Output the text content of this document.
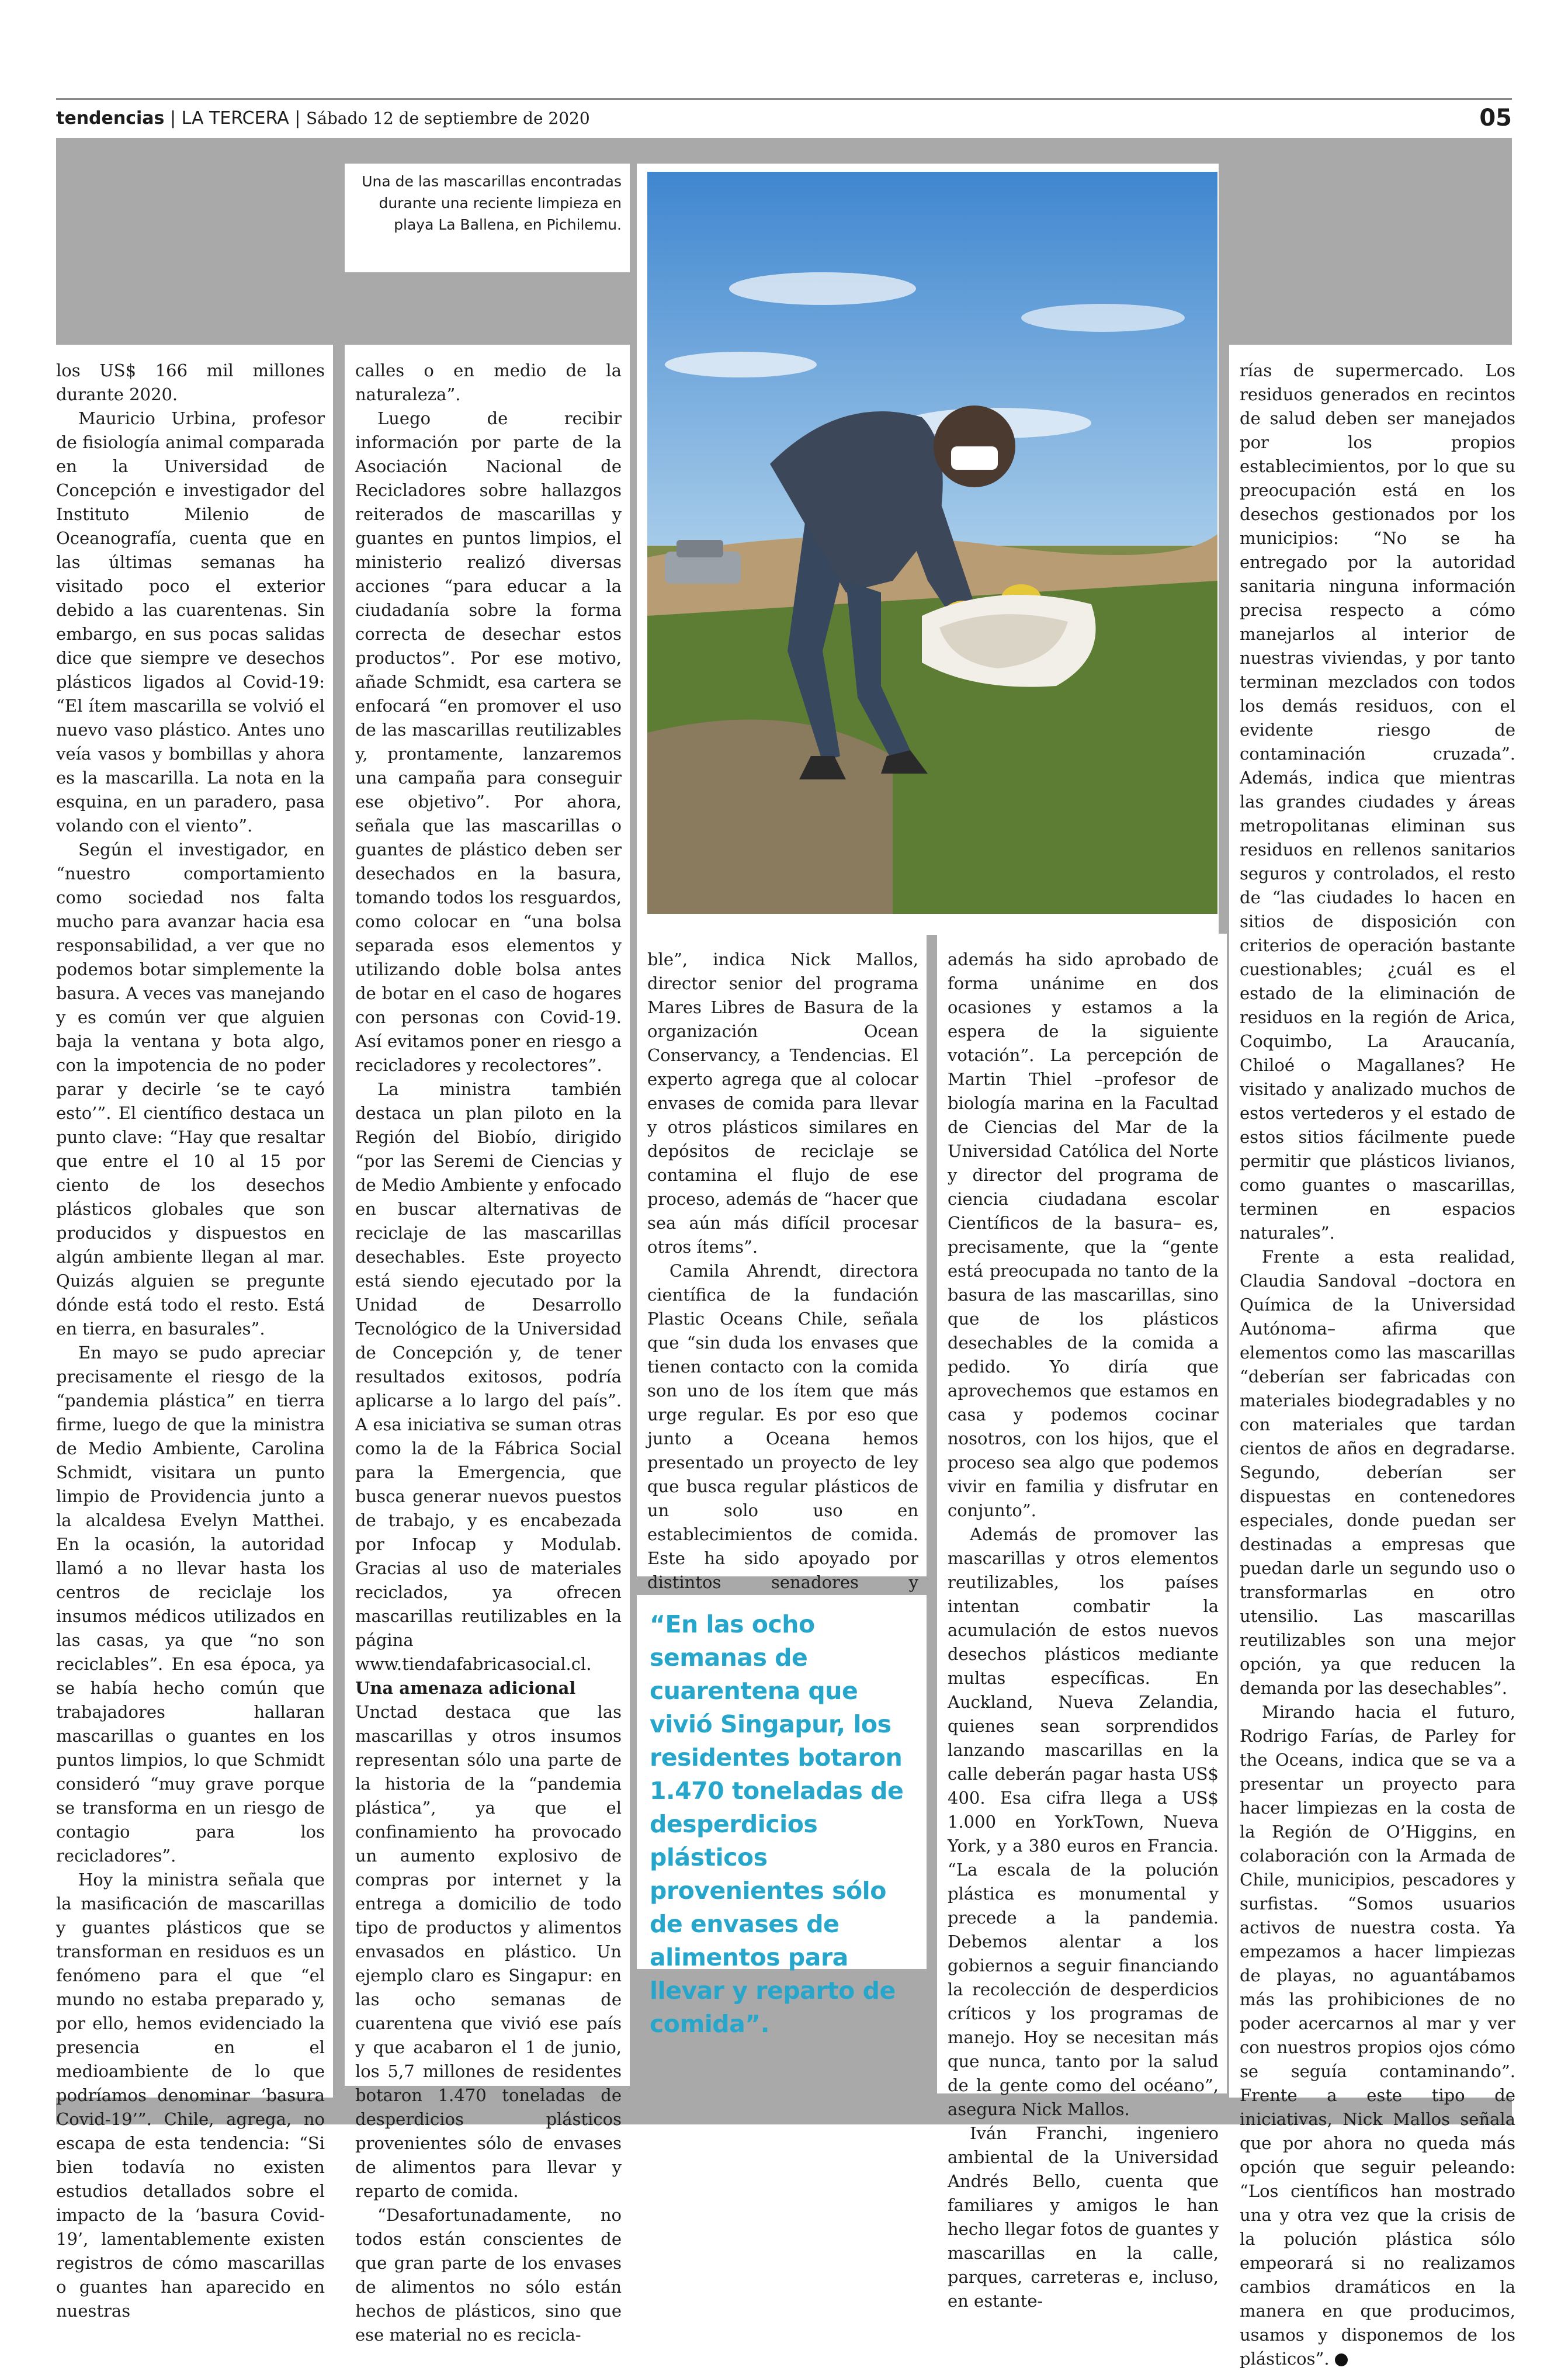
tendencias | LA TERCERA | Sábado 12 de septiembre de 2020	05
Una de las mascarillas encontradas durante una reciente limpieza en playa La Ballena, en Pichilemu.
FOTO: SANTIAGO BALMACEDA/@PARLEY.TV

los US$ 166 mil millones durante 2020.

Mauricio Urbina, profesor de fisiología animal comparada en la Universidad de Concepción e investigador del Instituto Milenio de Oceanografía, cuenta que en las últimas semanas ha visitado poco el exterior debido a las cuarentenas. Sin embargo, en sus pocas salidas dice que siempre ve desechos plásticos ligados al Covid-19: “El ítem mascarilla se volvió el nuevo vaso plástico. Antes uno veía vasos y bombillas y ahora es la mascarilla. La nota en la esquina, en un paradero, pasa volando con el viento”.

Según el investigador, en “nuestro comportamiento como sociedad nos falta mucho para avanzar hacia esa responsabilidad, a ver que no podemos botar simplemente la basura. A veces vas manejando y es común ver que alguien baja la ventana y bota algo, con la impotencia de no poder parar y decirle ‘se te cayó esto’”. El científico destaca un punto clave: “Hay que resaltar que entre el 10 al 15 por ciento de los desechos plásticos globales que son producidos y dispuestos en algún ambiente llegan al mar. Quizás alguien se pregunte dónde está todo el resto. Está en tierra, en basurales”.

En mayo se pudo apreciar precisamente el riesgo de la “pandemia plástica” en tierra firme, luego de que la ministra de Medio Ambiente, Carolina Schmidt, visitara un punto limpio de Providencia junto a la alcaldesa Evelyn Matthei. En la ocasión, la autoridad llamó a no llevar hasta los centros de reciclaje los insumos médicos utilizados en las casas, ya que “no son reciclables”. En esa época, ya se había hecho común que trabajadores hallaran mascarillas o guantes en los puntos limpios, lo que Schmidt consideró “muy grave porque se transforma en un riesgo de contagio para los recicladores”.

Hoy la ministra señala que la masificación de mascarillas y guantes plásticos que se transforman en residuos es un fenómeno para el que “el mundo no estaba preparado y, por ello, hemos evidenciado la presencia en el medioambiente de lo que podríamos denominar ‘basura Covid-19’”. Chile, agrega, no escapa de esta tendencia: “Si bien todavía no existen estudios detallados sobre el impacto de la ‘basura Covid-19’, lamentablemente existen registros de cómo mascarillas o guantes han aparecido en nuestras

calles o en medio de la naturaleza”.

Luego de recibir información por parte de la Asociación Nacional de Recicladores sobre hallazgos reiterados de mascarillas y guantes en puntos limpios, el ministerio realizó diversas acciones “para educar a la ciudadanía sobre la forma correcta de desechar estos productos”. Por ese motivo, añade Schmidt, esa cartera se enfocará “en promover el uso de las mascarillas reutilizables y, prontamente, lanzaremos una campaña para conseguir ese objetivo”. Por ahora, señala que las mascarillas o guantes de plástico deben ser desechados en la basura, tomando todos los resguardos, como colocar en “una bolsa separada esos elementos y utilizando doble bolsa antes de botar en el caso de hogares con personas con Covid-19. Así evitamos poner en riesgo a recicladores y recolectores”.

La ministra también destaca un plan piloto en la Región del Biobío, dirigido “por las Seremi de Ciencias y de Medio Ambiente y enfocado en buscar alternativas de reciclaje de las mascarillas desechables. Este proyecto está siendo ejecutado por la Unidad de Desarrollo Tecnológico de la Universidad de Concepción y, de tener resultados exitosos, podría aplicarse a lo largo del país”. A esa iniciativa se suman otras como la de la Fábrica Social para la Emergencia, que busca generar nuevos puestos de trabajo, y es encabezada por Infocap y Modulab. Gracias al uso de materiales reciclados, ya ofrecen mascarillas reutilizables en la página www.tiendafabricasocial.cl.

Una amenaza adicional

Unctad destaca que las mascarillas y otros insumos representan sólo una parte de la historia de la “pandemia plástica”, ya que el confinamiento ha provocado un aumento explosivo de compras por internet y la entrega a domicilio de todo tipo de productos y alimentos envasados en plástico. Un ejemplo claro es Singapur: en las ocho semanas de cuarentena que vivió ese país y que acabaron el 1 de junio, los 5,7 millones de residentes botaron 1.470 toneladas de desperdicios plásticos provenientes sólo de envases de alimentos para llevar y reparto de comida.

“Desafortunadamente, no todos están conscientes de que gran parte de los envases de alimentos no sólo están hechos de plásticos, sino que ese material no es recicla-

ble”, indica Nick Mallos, director senior del programa Mares Libres de Basura de la organización Ocean Conservancy, a Tendencias. El experto agrega que al colocar envases de comida para llevar y otros plásticos similares en depósitos de reciclaje se contamina el flujo de ese proceso, además de “hacer que sea aún más difícil procesar otros ítems”.

Camila Ahrendt, directora científica de la fundación Plastic Oceans Chile, señala que “sin duda los envases que tienen contacto con la comida son uno de los ítem que más urge regular. Es por eso que junto a Oceana hemos presentado un proyecto de ley que busca regular plásticos de un solo uso en establecimientos de comida. Este ha sido apoyado por distintos senadores y

“En las ocho semanas de cuarentena que vivió Singapur, los residentes botaron 1.470 toneladas de desperdicios plásticos provenientes sólo de envases de alimentos para llevar y reparto de comida”.

además ha sido aprobado de forma unánime en dos ocasiones y estamos a la espera de la siguiente votación”. La percepción de Martin Thiel –profesor de biología marina en la Facultad de Ciencias del Mar de la Universidad Católica del Norte y director del programa de ciencia ciudadana escolar Científicos de la basura– es, precisamente, que la “gente está preocupada no tanto de la basura de las mascarillas, sino que de los plásticos desechables de la comida a pedido. Yo diría que aprovechemos que estamos en casa y podemos cocinar nosotros, con los hijos, que el proceso sea algo que podemos vivir en familia y disfrutar en conjunto”.

Además de promover las mascarillas y otros elementos reutilizables, los países intentan combatir la acumulación de estos nuevos desechos plásticos mediante multas específicas. En Auckland, Nueva Zelandia, quienes sean sorprendidos lanzando mascarillas en la calle deberán pagar hasta US$ 400. Esa cifra llega a US$ 1.000 en YorkTown, Nueva York, y a 380 euros en Francia. “La escala de la polución plástica es monumental y precede a la pandemia. Debemos alentar a los gobiernos a seguir financiando la recolección de desperdicios críticos y los programas de manejo. Hoy se necesitan más que nunca, tanto por la salud de la gente como del océano”, asegura Nick Mallos.

Iván Franchi, ingeniero ambiental de la Universidad Andrés Bello, cuenta que familiares y amigos le han hecho llegar fotos de guantes y mascarillas en la calle, parques, carreteras e, incluso, en estante-

rías de supermercado. Los residuos generados en recintos de salud deben ser manejados por los propios establecimientos, por lo que su preocupación está en los desechos gestionados por los municipios: “No se ha entregado por la autoridad sanitaria ninguna información precisa respecto a cómo manejarlos al interior de nuestras viviendas, y por tanto terminan mezclados con todos los demás residuos, con el evidente riesgo de contaminación cruzada”. Además, indica que mientras las grandes ciudades y áreas metropolitanas eliminan sus residuos en rellenos sanitarios seguros y controlados, el resto de “las ciudades lo hacen en sitios de disposición con criterios de operación bastante cuestionables; ¿cuál es el estado de la eliminación de residuos en la región de Arica, Coquimbo, La Araucanía, Chiloé o Magallanes? He visitado y analizado muchos de estos vertederos y el estado de estos sitios fácilmente puede permitir que plásticos livianos, como guantes o mascarillas, terminen en espacios naturales”.

Frente a esta realidad, Claudia Sandoval –doctora en Química de la Universidad Autónoma– afirma que elementos como las mascarillas “deberían ser fabricadas con materiales biodegradables y no con materiales que tardan cientos de años en degradarse. Segundo, deberían ser dispuestas en contenedores especiales, donde puedan ser destinadas a empresas que puedan darle un segundo uso o transformarlas en otro utensilio. Las mascarillas reutilizables son una mejor opción, ya que reducen la demanda por las desechables”.

Mirando hacia el futuro, Rodrigo Farías, de Parley for the Oceans, indica que se va a presentar un proyecto para hacer limpiezas en la costa de la Región de O’Higgins, en colaboración con la Armada de Chile, municipios, pescadores y surfistas. “Somos usuarios activos de nuestra costa. Ya empezamos a hacer limpiezas de playas, no aguantábamos más las prohibiciones de no poder acercarnos al mar y ver con nuestros propios ojos cómo se seguía contaminando”. Frente a este tipo de iniciativas, Nick Mallos señala que por ahora no queda más opción que seguir peleando: “Los científicos han mostrado una y otra vez que la crisis de la polución plástica sólo empeorará si no realizamos cambios dramáticos en la manera en que producimos, usamos y disponemos de los plásticos”.	T
